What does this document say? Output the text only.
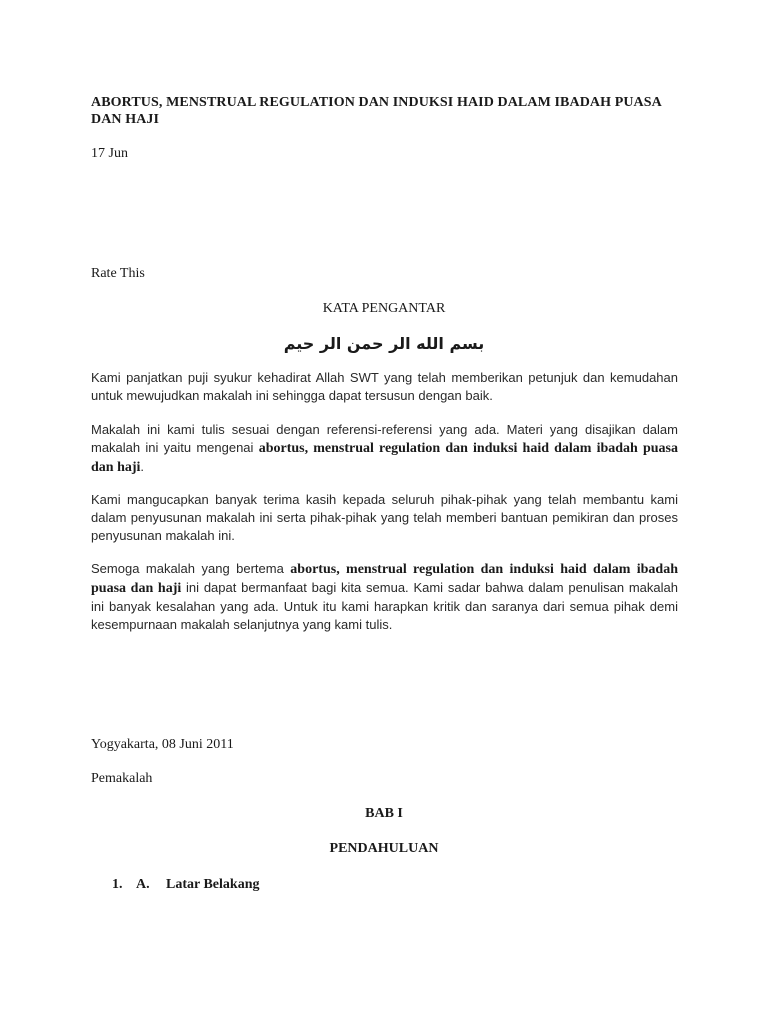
ABORTUS, MENSTRUAL REGULATION DAN INDUKSI HAID DALAM IBADAH PUASA DAN HAJI
17 Jun
Rate This
KATA PENGANTAR
بسم الله الر حمن الر حيم
Kami panjatkan puji syukur kehadirat Allah SWT yang telah memberikan petunjuk dan kemudahan untuk mewujudkan makalah ini sehingga dapat tersusun dengan baik.
Makalah ini kami tulis sesuai dengan referensi-referensi yang ada. Materi yang disajikan dalam makalah ini yaitu mengenai abortus, menstrual regulation dan induksi haid dalam ibadah puasa dan haji.
Kami mangucapkan banyak terima kasih kepada seluruh pihak-pihak yang telah membantu kami dalam penyusunan makalah ini serta pihak-pihak yang telah memberi bantuan pemikiran dan proses penyusunan makalah ini.
Semoga makalah yang bertema abortus, menstrual regulation dan induksi haid dalam ibadah puasa dan haji ini dapat bermanfaat bagi kita semua. Kami sadar bahwa dalam penulisan makalah ini banyak kesalahan yang ada. Untuk itu kami harapkan kritik dan saranya dari semua pihak demi kesempurnaan makalah selanjutnya yang kami tulis.
Yogyakarta, 08 Juni 2011
Pemakalah
BAB I
PENDAHULUAN
1. A. Latar Belakang
